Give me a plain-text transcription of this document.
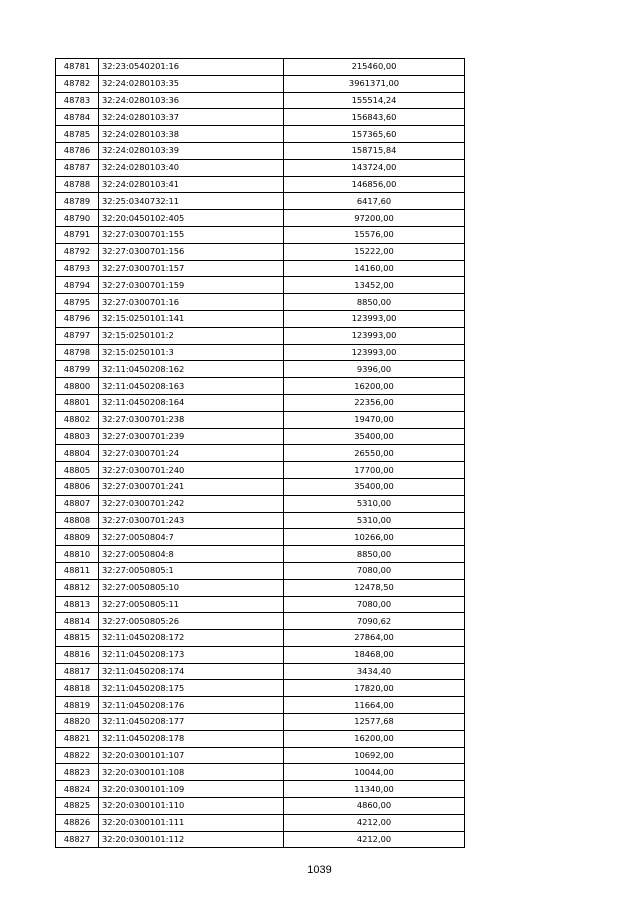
48781	32:23:0540201:16	215460,00
48782	32:24:0280103:35	3961371,00
48783	32:24:0280103:36	155514,24
48784	32:24:0280103:37	156843,60
48785	32:24:0280103:38	157365,60
48786	32:24:0280103:39	158715,84
48787	32:24:0280103:40	143724,00
48788	32:24:0280103:41	146856,00
48789	32:25:0340732:11	6417,60
48790	32:20:0450102:405	97200,00
48791	32:27:0300701:155	15576,00
48792	32:27:0300701:156	15222,00
48793	32:27:0300701:157	14160,00
48794	32:27:0300701:159	13452,00
48795	32:27:0300701:16	8850,00
48796	32:15:0250101:141	123993,00
48797	32:15:0250101:2	123993,00
48798	32:15:0250101:3	123993,00
48799	32:11:0450208:162	9396,00
48800	32:11:0450208:163	16200,00
48801	32:11:0450208:164	22356,00
48802	32:27:0300701:238	19470,00
48803	32:27:0300701:239	35400,00
48804	32:27:0300701:24	26550,00
48805	32:27:0300701:240	17700,00
48806	32:27:0300701:241	35400,00
48807	32:27:0300701:242	5310,00
48808	32:27:0300701:243	5310,00
48809	32:27:0050804:7	10266,00
48810	32:27:0050804:8	8850,00
48811	32:27:0050805:1	7080,00
48812	32:27:0050805:10	12478,50
48813	32:27:0050805:11	7080,00
48814	32:27:0050805:26	7090,62
48815	32:11:0450208:172	27864,00
48816	32:11:0450208:173	18468,00
48817	32:11:0450208:174	3434,40
48818	32:11:0450208:175	17820,00
48819	32:11:0450208:176	11664,00
48820	32:11:0450208:177	12577,68
48821	32:11:0450208:178	16200,00
48822	32:20:0300101:107	10692,00
48823	32:20:0300101:108	10044,00
48824	32:20:0300101:109	11340,00
48825	32:20:0300101:110	4860,00
48826	32:20:0300101:111	4212,00
48827	32:20:0300101:112	4212,00
1039
